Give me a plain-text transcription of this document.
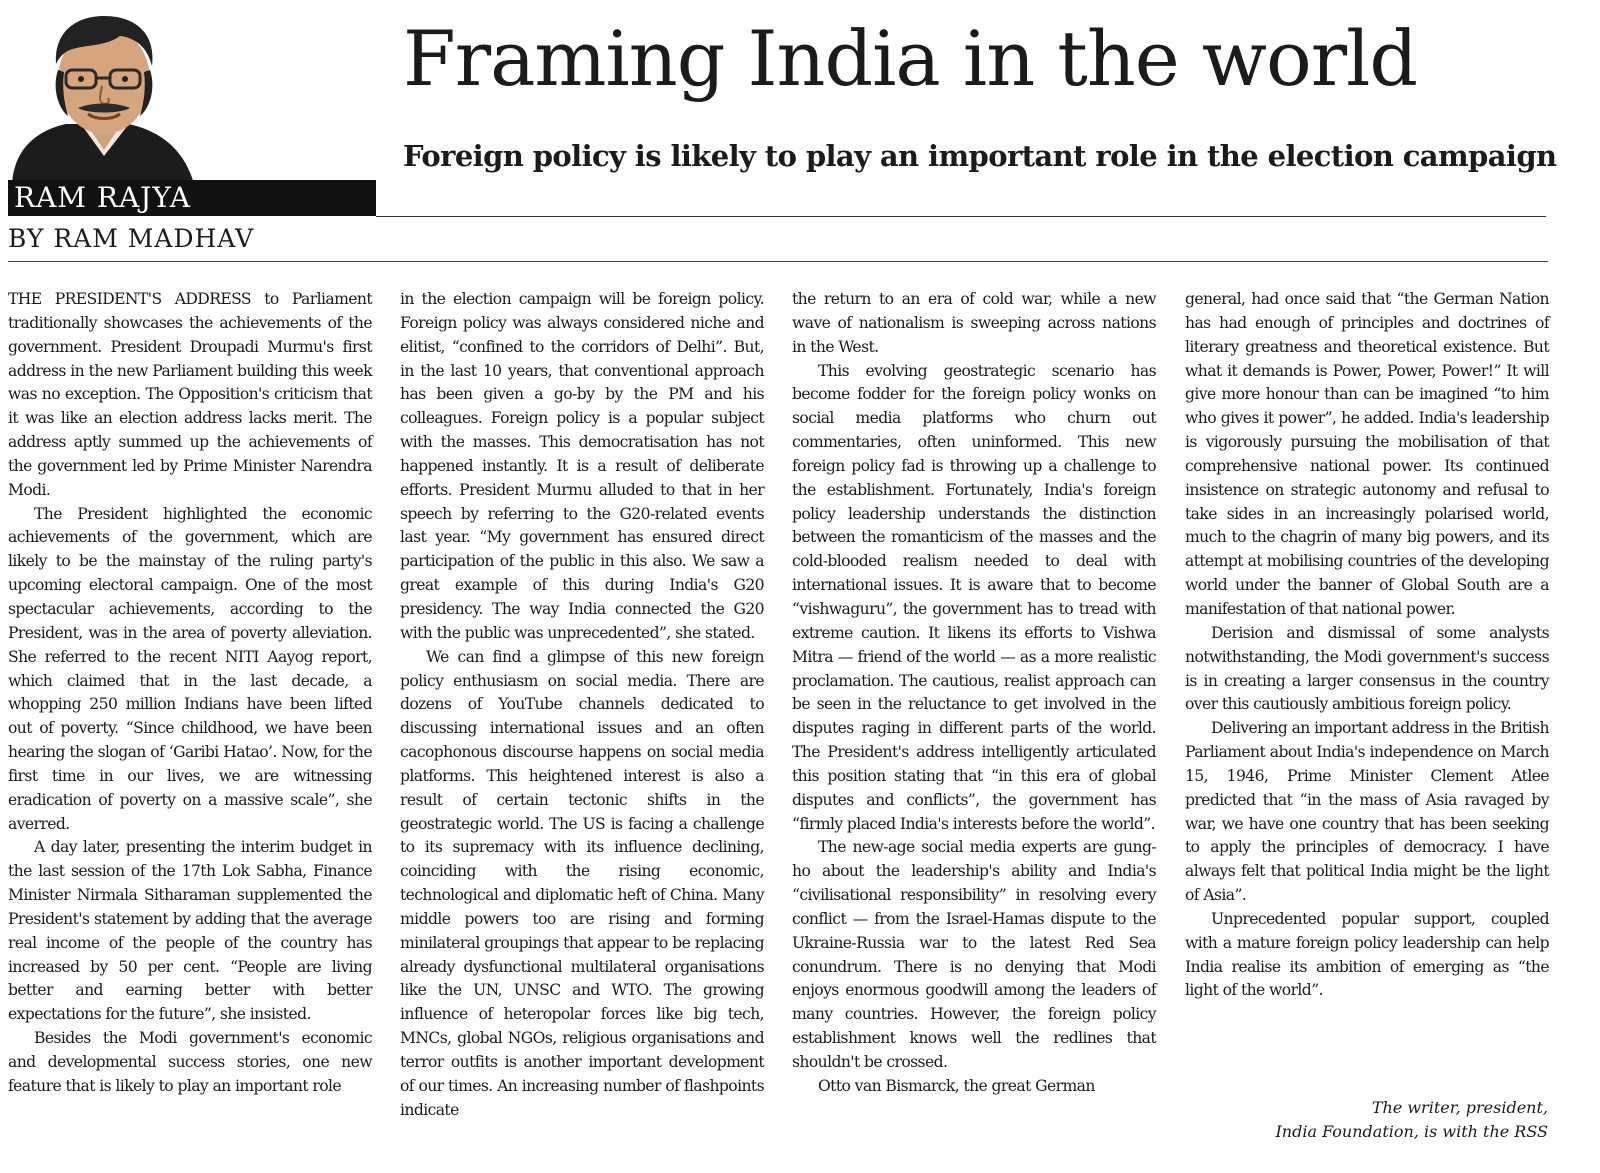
RAM RAJYA
BY RAM MADHAV
Framing India in the world
Foreign policy is likely to play an important role in the election campaign

THE PRESIDENT'S ADDRESS to Parliament traditionally showcases the achievements of the government. President Droupadi Murmu's first address in the new Parliament building this week was no exception. The Opposition's criticism that it was like an election address lacks merit. The address aptly summed up the achievements of the government led by Prime Minister Narendra Modi.

The President highlighted the economic achievements of the government, which are likely to be the mainstay of the ruling party's upcoming electoral campaign. One of the most spectacular achievements, according to the President, was in the area of poverty alleviation. She referred to the recent NITI Aayog report, which claimed that in the last decade, a whopping 250 million Indians have been lifted out of poverty. “Since childhood, we have been hearing the slogan of ‘Garibi Hatao’. Now, for the first time in our lives, we are witnessing eradication of poverty on a massive scale”, she averred.

A day later, presenting the interim budget in the last session of the 17th Lok Sabha, Finance Minister Nirmala Sitharaman supplemented the President's statement by adding that the average real income of the people of the country has increased by 50 per cent. “People are living better and earning better with better expectations for the future”, she insisted.

Besides the Modi government's economic and developmental success stories, one new feature that is likely to play an important role

in the election campaign will be foreign policy. Foreign policy was always considered niche and elitist, “confined to the corridors of Delhi”. But, in the last 10 years, that conventional approach has been given a go-by by the PM and his colleagues. Foreign policy is a popular subject with the masses. This democratisation has not happened instantly. It is a result of deliberate efforts. President Murmu alluded to that in her speech by referring to the G20-related events last year. “My government has ensured direct participation of the public in this also. We saw a great example of this during India's G20 presidency. The way India connected the G20 with the public was unprecedented”, she stated.

We can find a glimpse of this new foreign policy enthusiasm on social media. There are dozens of YouTube channels dedicated to discussing international issues and an often cacophonous discourse happens on social media platforms. This heightened interest is also a result of certain tectonic shifts in the geostrategic world. The US is facing a challenge to its supremacy with its influence declining, coinciding with the rising economic, technological and diplomatic heft of China. Many middle powers too are rising and forming minilateral groupings that appear to be replacing already dysfunctional multilateral organisations like the UN, UNSC and WTO. The growing influence of heteropolar forces like big tech, MNCs, global NGOs, religious organisations and terror outfits is another important development of our times. An increasing number of flashpoints indicate

the return to an era of cold war, while a new wave of nationalism is sweeping across nations in the West.

This evolving geostrategic scenario has become fodder for the foreign policy wonks on social media platforms who churn out commentaries, often uninformed. This new foreign policy fad is throwing up a challenge to the establishment. Fortunately, India's foreign policy leadership understands the distinction between the romanticism of the masses and the cold-blooded realism needed to deal with international issues. It is aware that to become “vishwaguru”, the government has to tread with extreme caution. It likens its efforts to Vishwa Mitra — friend of the world — as a more realistic proclamation. The cautious, realist approach can be seen in the reluctance to get involved in the disputes raging in different parts of the world. The President's address intelligently articulated this position stating that “in this era of global disputes and conflicts”, the government has “firmly placed India's interests before the world”.

The new-age social media experts are gung-ho about the leadership's ability and India's “civilisational responsibility” in resolving every conflict — from the Israel-Hamas dispute to the Ukraine-Russia war to the latest Red Sea conundrum. There is no denying that Modi enjoys enormous goodwill among the leaders of many countries. However, the foreign policy establishment knows well the redlines that shouldn't be crossed.

Otto van Bismarck, the great German

general, had once said that “the German Nation has had enough of principles and doctrines of literary greatness and theoretical existence. But what it demands is Power, Power, Power!” It will give more honour than can be imagined “to him who gives it power”, he added. India's leadership is vigorously pursuing the mobilisation of that comprehensive national power. Its continued insistence on strategic autonomy and refusal to take sides in an increasingly polarised world, much to the chagrin of many big powers, and its attempt at mobilising countries of the developing world under the banner of Global South are a manifestation of that national power.

Derision and dismissal of some analysts notwithstanding, the Modi government's success is in creating a larger consensus in the country over this cautiously ambitious foreign policy.

Delivering an important address in the British Parliament about India's independence on March 15, 1946, Prime Minister Clement Atlee predicted that “in the mass of Asia ravaged by war, we have one country that has been seeking to apply the principles of democracy. I have always felt that political India might be the light of Asia”.

Unprecedented popular support, coupled with a mature foreign policy leadership can help India realise its ambition of emerging as “the light of the world”.

The writer, president,
India Foundation, is with the RSS
